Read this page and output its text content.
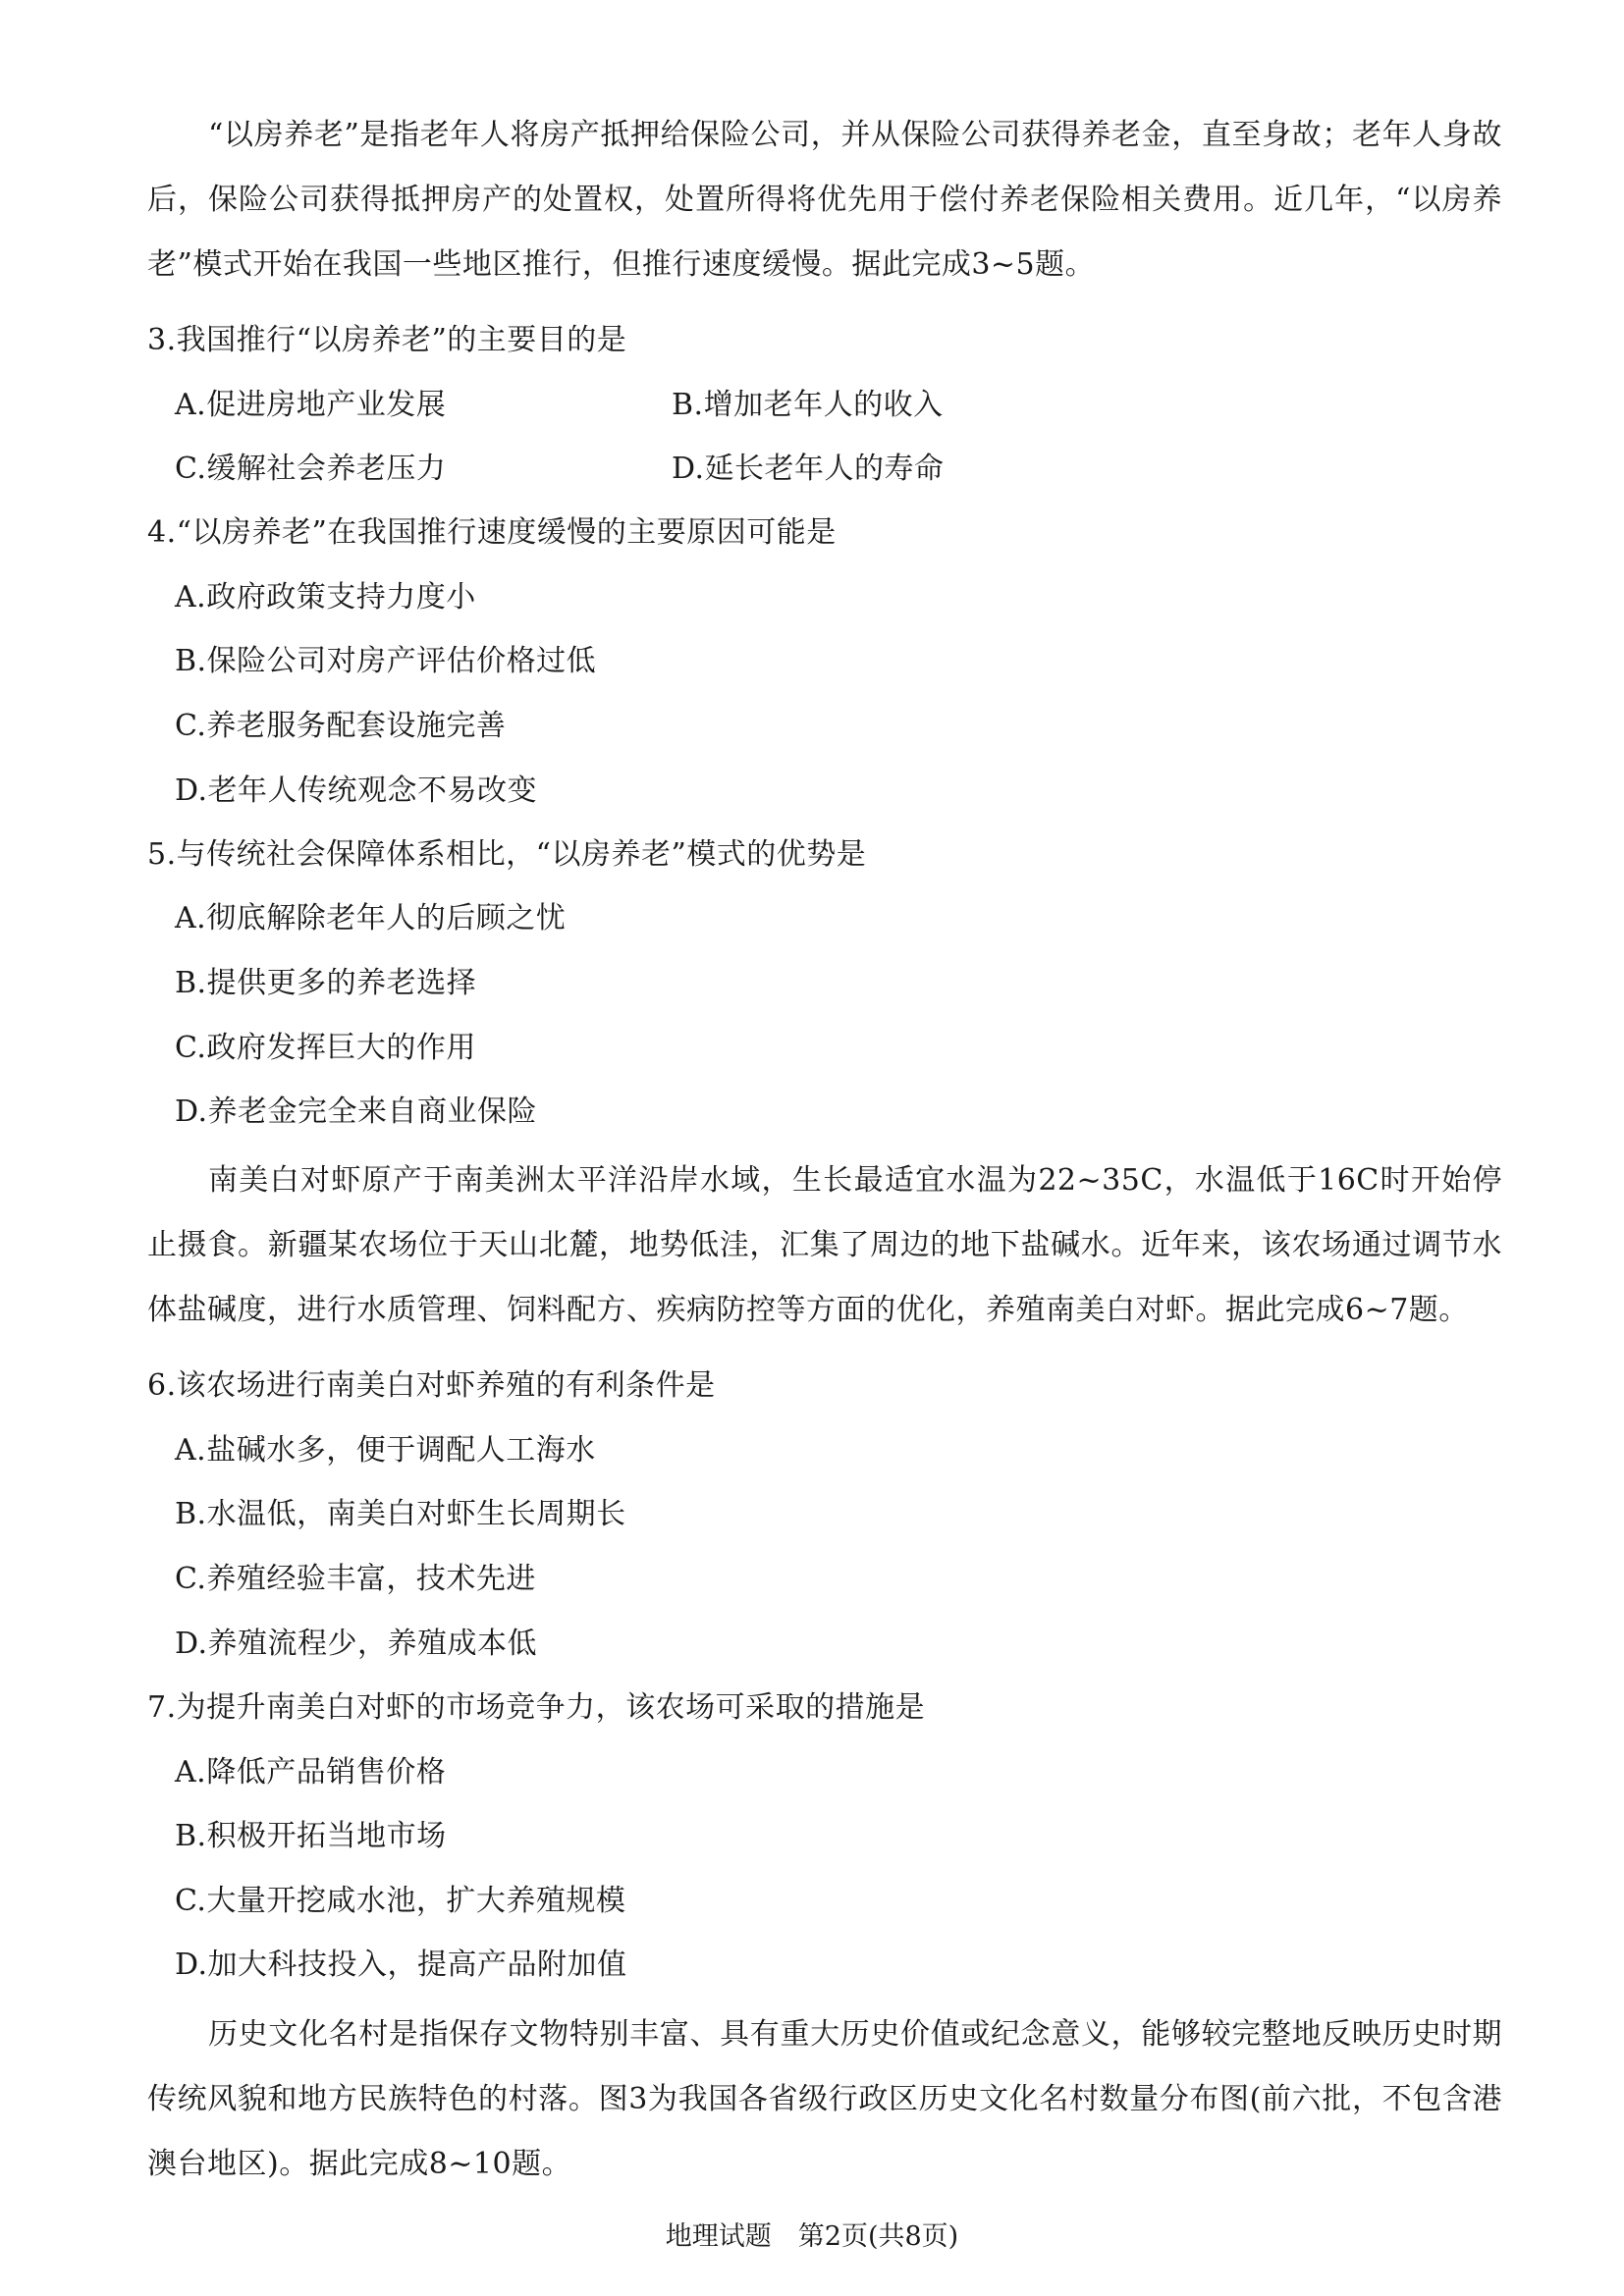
“以房养老”是指老年人将房产抵押给保险公司，并从保险公司获得养老金，直至身故；老年人身故后，保险公司获得抵押房产的处置权，处置所得将优先用于偿付养老保险相关费用。近几年，“以房养老”模式开始在我国一些地区推行，但推行速度缓慢。据此完成3~5题。

3.我国推行“以房养老”的主要目的是
A.促进房地产业发展	B.增加老年人的收入
C.缓解社会养老压力	D.延长老年人的寿命
4.“以房养老”在我国推行速度缓慢的主要原因可能是
A.政府政策支持力度小
B.保险公司对房产评估价格过低
C.养老服务配套设施完善
D.老年人传统观念不易改变
5.与传统社会保障体系相比，“以房养老”模式的优势是
A.彻底解除老年人的后顾之忧
B.提供更多的养老选择
C.政府发挥巨大的作用
D.养老金完全来自商业保险

南美白对虾原产于南美洲太平洋沿岸水域，生长最适宜水温为22~35C，水温低于16C时开始停止摄食。新疆某农场位于天山北麓，地势低洼，汇集了周边的地下盐碱水。近年来，该农场通过调节水体盐碱度，进行水质管理、饲料配方、疾病防控等方面的优化，养殖南美白对虾。据此完成6~7题。

6.该农场进行南美白对虾养殖的有利条件是
A.盐碱水多，便于调配人工海水
B.水温低，南美白对虾生长周期长
C.养殖经验丰富，技术先进
D.养殖流程少，养殖成本低
7.为提升南美白对虾的市场竞争力，该农场可采取的措施是
A.降低产品销售价格
B.积极开拓当地市场
C.大量开挖咸水池，扩大养殖规模
D.加大科技投入，提高产品附加值

历史文化名村是指保存文物特别丰富、具有重大历史价值或纪念意义，能够较完整地反映历史时期传统风貌和地方民族特色的村落。图3为我国各省级行政区历史文化名村数量分布图(前六批，不包含港澳台地区)。据此完成8~10题。

地理试题　第2页(共8页)
